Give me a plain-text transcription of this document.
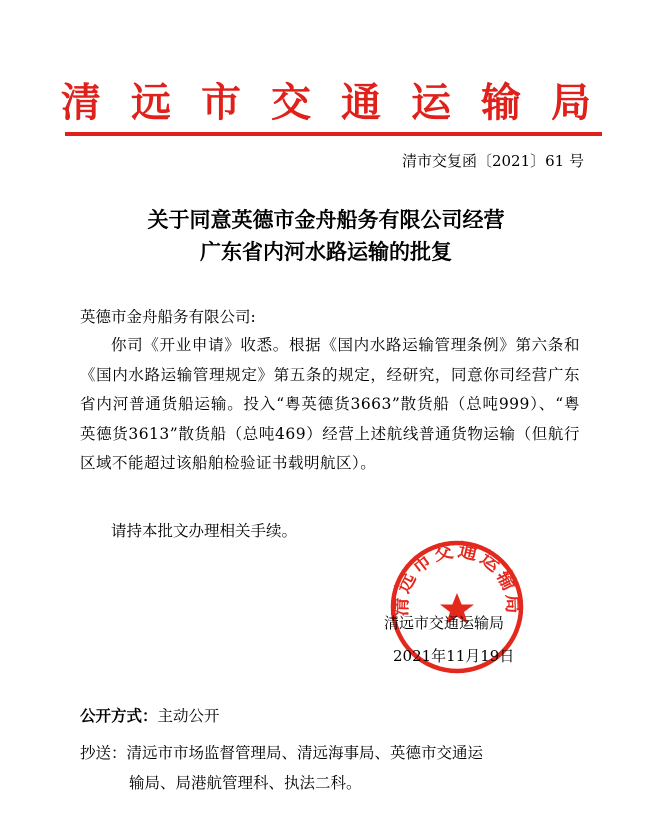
清远市交通运输局
清市交复函〔2021〕61 号
关于同意英德市金舟船务有限公司经营
广东省内河水路运输的批复
英德市金舟船务有限公司:

你司《开业申请》收悉。根据《国内水路运输管理条例》第六条和《国内水路运输管理规定》第五条的规定，经研究，同意你司经营广东省内河普通货船运输。投入“粤英德货3663”散货船（总吨999）、“粤英德货3613”散货船（总吨469）经营上述航线普通货物运输（但航行区域不能超过该船舶检验证书载明航区）。

请持本批文办理相关手续。
清远市交通运输局
清远市交通运输局
2021年11月19日
公开方式：主动公开
抄送：清远市市场监督管理局、清远海事局、英德市交通运
输局、局港航管理科、执法二科。
